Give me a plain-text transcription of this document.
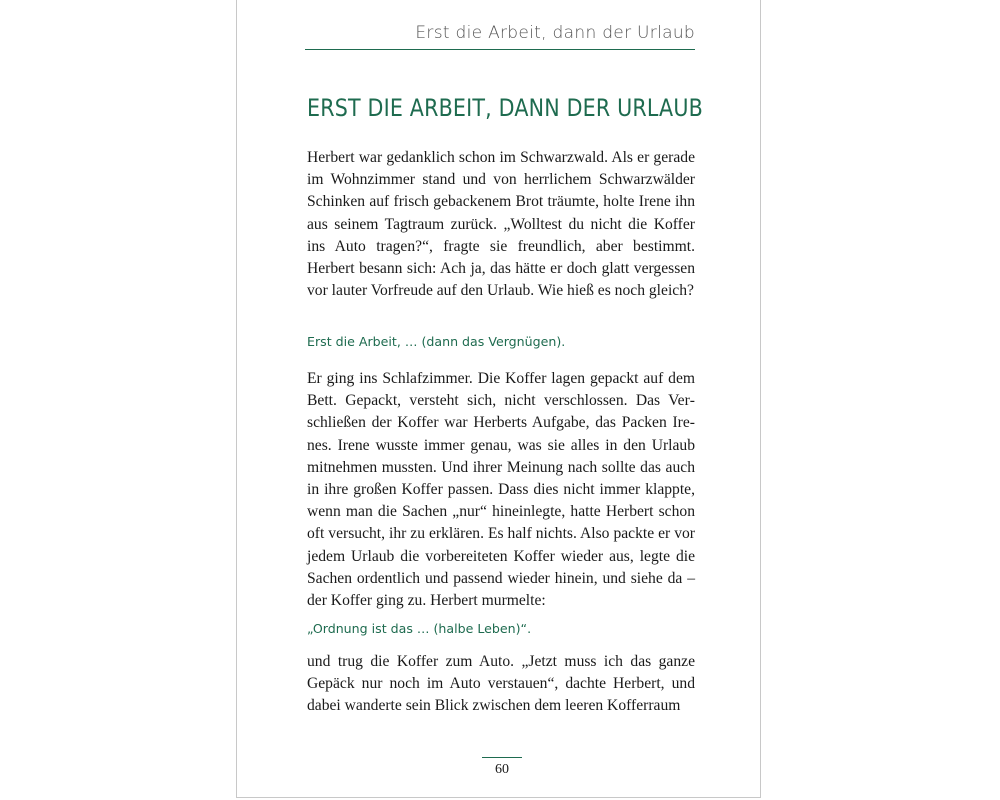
Erst die Arbeit, dann der Urlaub
ERST DIE ARBEIT, DANN DER URLAUB

Herbert war gedanklich schon im Schwarzwald. Als er gerade im Wohnzimmer stand und von herrlichem Schwarzwälder Schinken auf frisch gebackenem Brot träumte, holte Irene ihn aus seinem Tagtraum zurück. „Wolltest du nicht die Koffer ins Auto tragen?“, fragte sie freundlich, aber bestimmt. Herbert besann sich: Ach ja, das hätte er doch glatt vergessen vor lauter Vorfreude auf den Urlaub. Wie hieß es noch gleich?

Erst die Arbeit, … (dann das Vergnügen).

Er ging ins Schlafzimmer. Die Koffer lagen gepackt auf dem Bett. Gepackt, versteht sich, nicht verschlossen. Das Verschließen der Koffer war Herberts Aufgabe, das Packen Irenes. Irene wusste immer genau, was sie alles in den Urlaub mitnehmen mussten. Und ihrer Meinung nach sollte das auch in ihre großen Koffer passen. Dass dies nicht immer klappte, wenn man die Sachen „nur“ hineinlegte, hatte Herbert schon oft versucht, ihr zu erklären. Es half nichts. Also packte er vor jedem Urlaub die vorbereiteten Koffer wieder aus, legte die Sachen ordentlich und passend wieder hinein, und siehe da – der Koffer ging zu. Herbert murmelte:

„Ordnung ist das … (halbe Leben)“.

und trug die Koffer zum Auto. „Jetzt muss ich das ganze Gepäck nur noch im Auto verstauen“, dachte Herbert, und dabei wanderte sein Blick zwischen dem leeren Kofferraum

60
